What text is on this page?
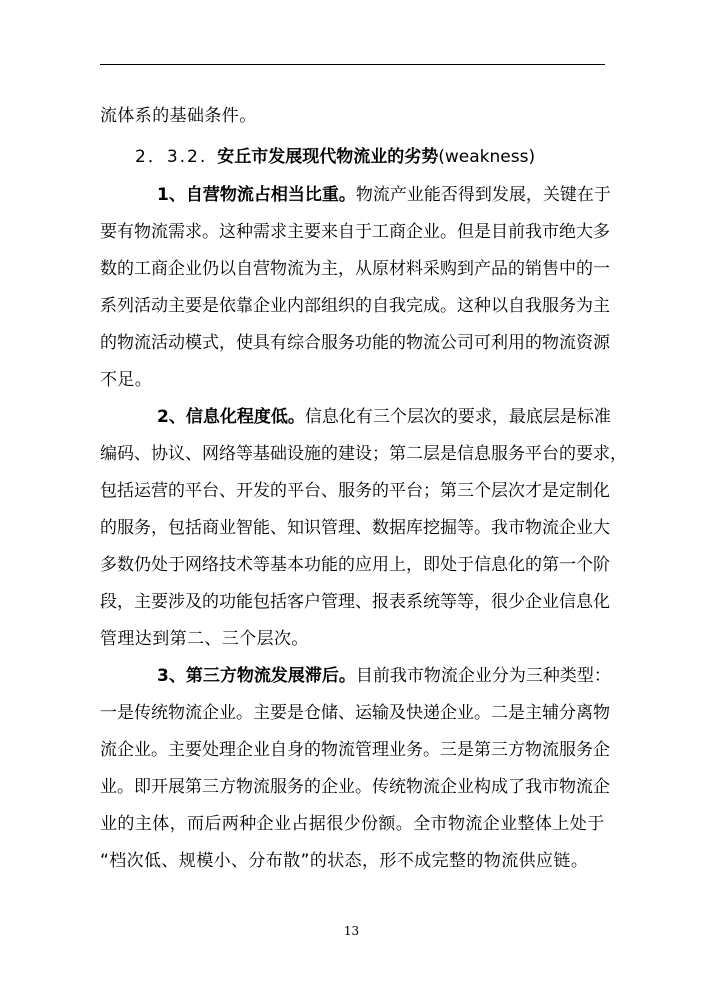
流体系的基础条件。
2．3.2. 安丘市发展现代物流业的劣势(weakness)
1、自营物流占相当比重。物流产业能否得到发展，关键在于
要有物流需求。这种需求主要来自于工商企业。但是目前我市绝大多
数的工商企业仍以自营物流为主，从原材料采购到产品的销售中的一
系列活动主要是依靠企业内部组织的自我完成。这种以自我服务为主
的物流活动模式，使具有综合服务功能的物流公司可利用的物流资源
不足。
2、信息化程度低。信息化有三个层次的要求，最底层是标准
编码、协议、网络等基础设施的建设；第二层是信息服务平台的要求，
包括运营的平台、开发的平台、服务的平台；第三个层次才是定制化
的服务，包括商业智能、知识管理、数据库挖掘等。我市物流企业大
多数仍处于网络技术等基本功能的应用上，即处于信息化的第一个阶
段，主要涉及的功能包括客户管理、报表系统等等，很少企业信息化
管理达到第二、三个层次。
3、第三方物流发展滞后。目前我市物流企业分为三种类型：
一是传统物流企业。主要是仓储、运输及快递企业。二是主辅分离物
流企业。主要处理企业自身的物流管理业务。三是第三方物流服务企
业。即开展第三方物流服务的企业。传统物流企业构成了我市物流企
业的主体，而后两种企业占据很少份额。全市物流企业整体上处于
“档次低、规模小、分布散”的状态，形不成完整的物流供应链。
13
